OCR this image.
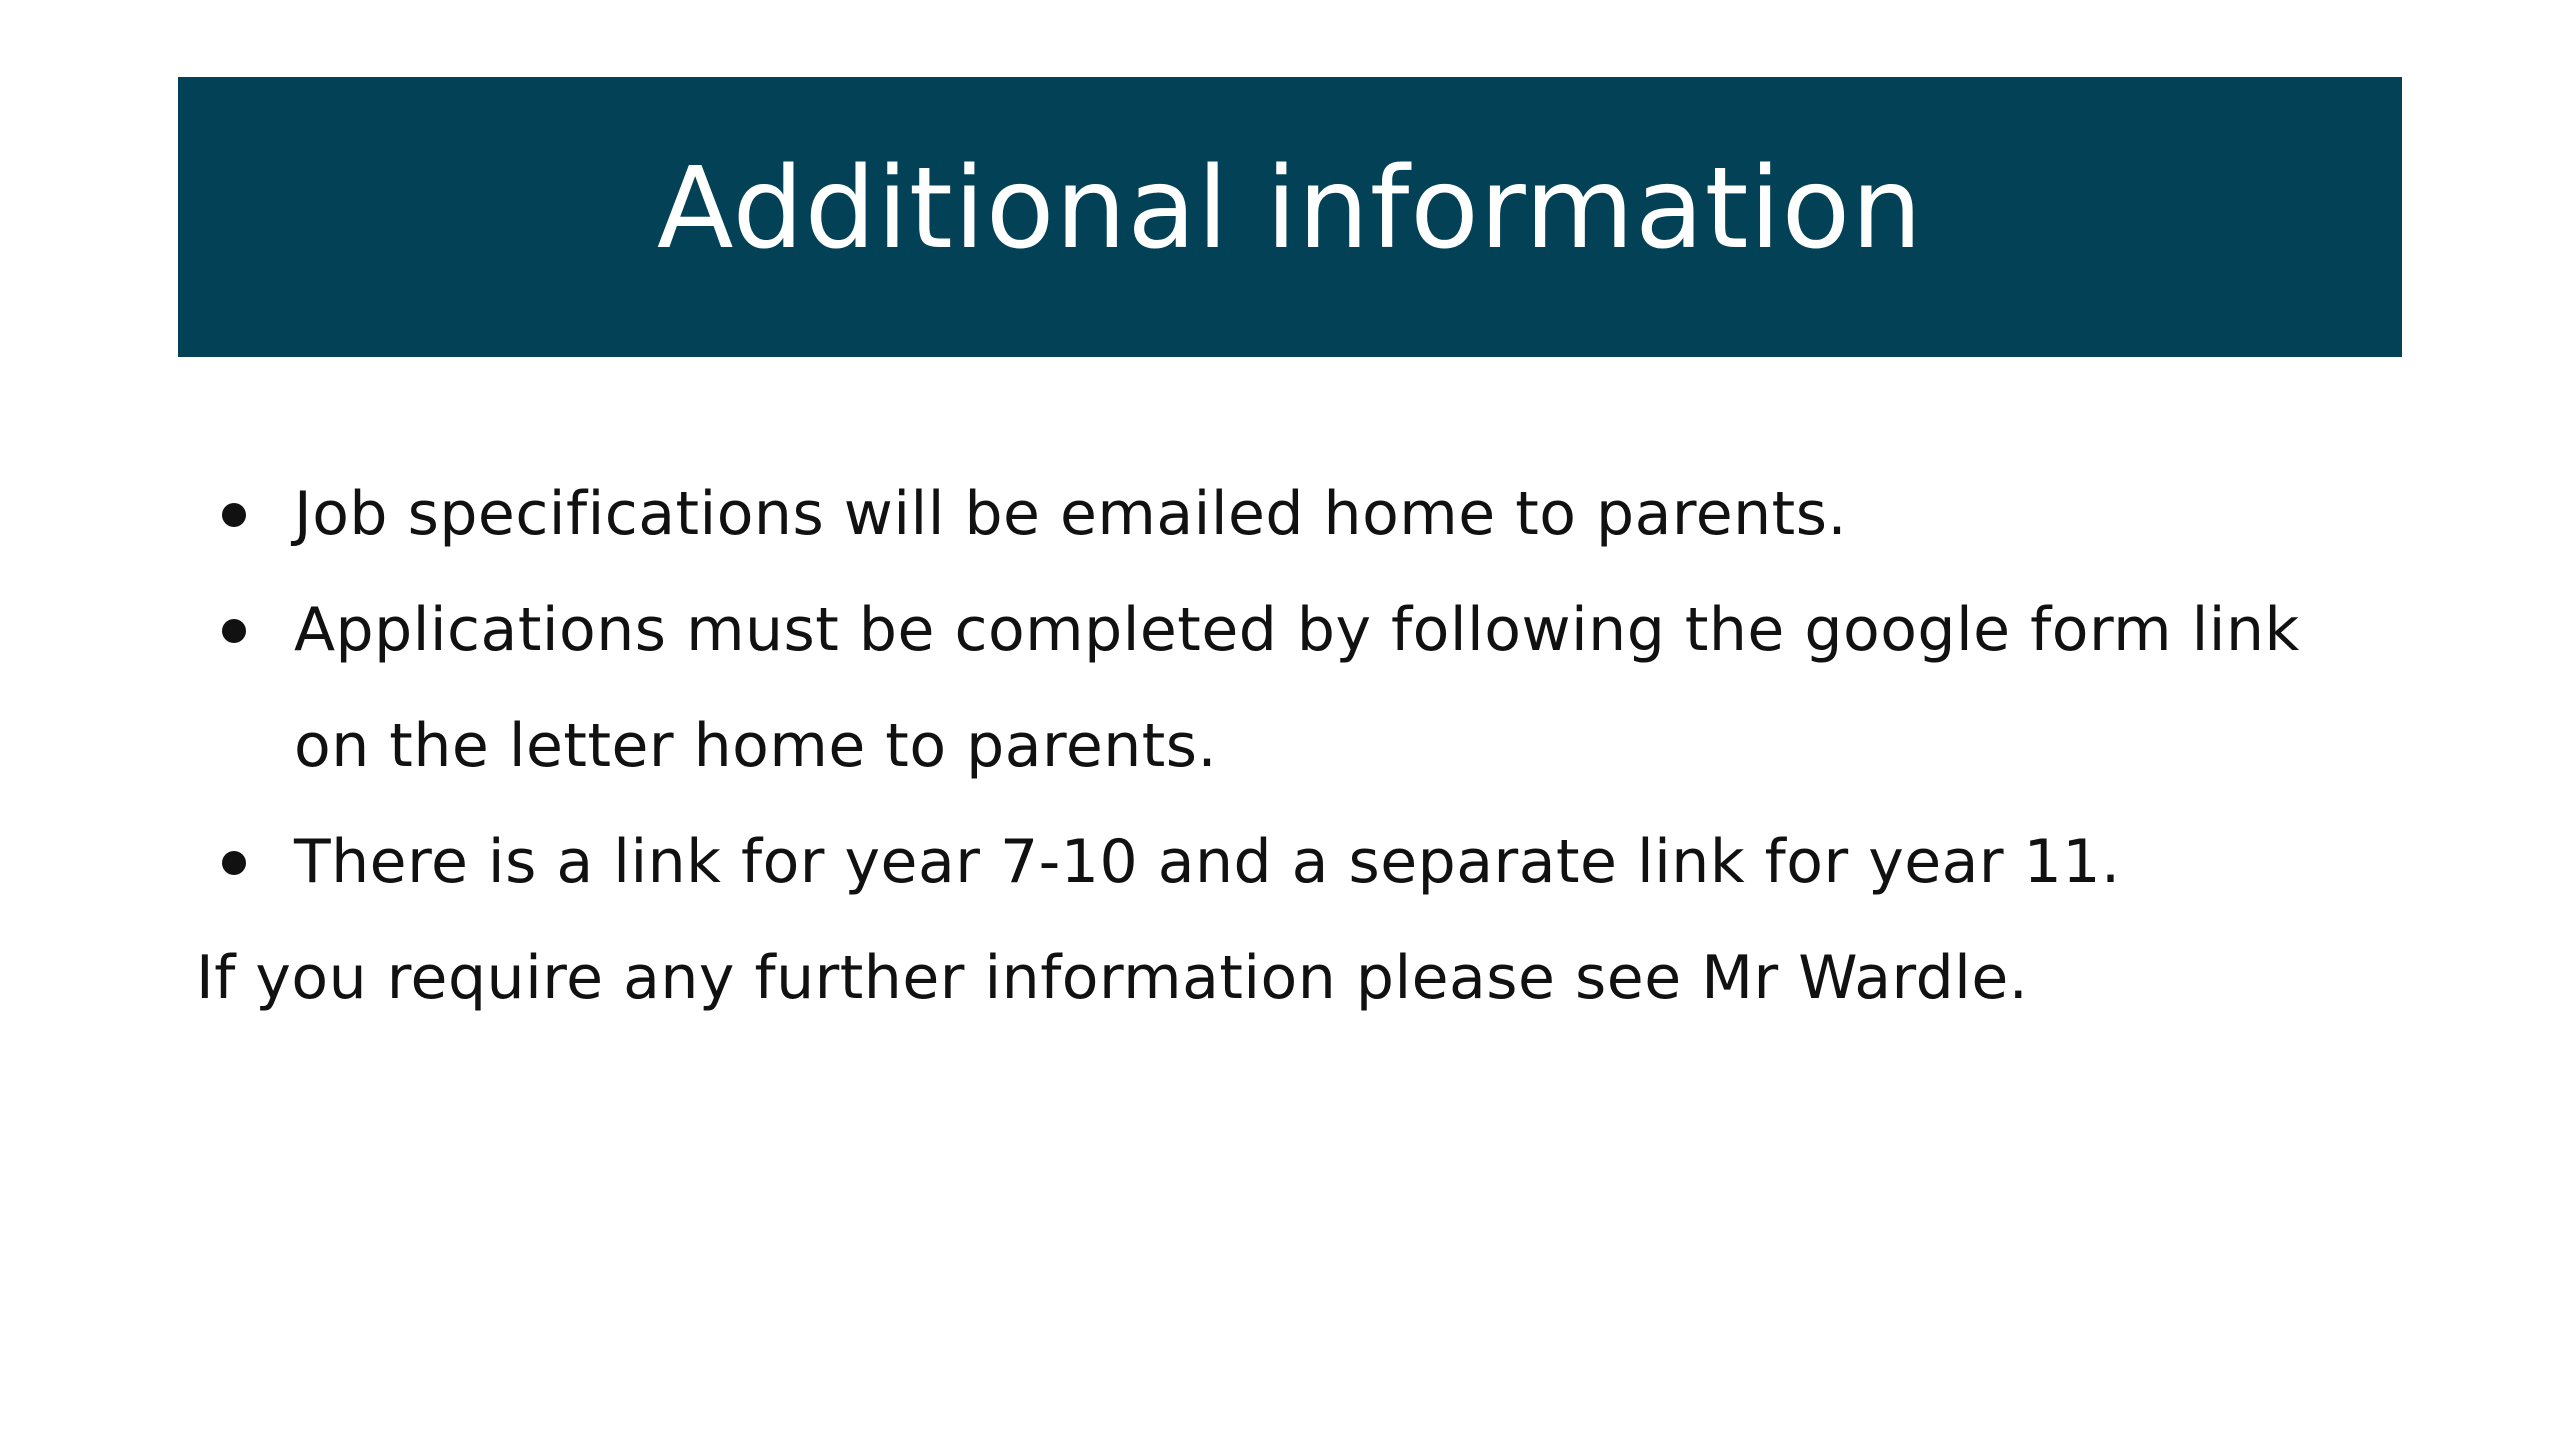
Additional information
Job specifications will be emailed home to parents.
Applications must be completed by following the google form link on the letter home to parents.
There is a link for year 7-10 and a separate link for year 11.
If you require any further information please see Mr Wardle.
